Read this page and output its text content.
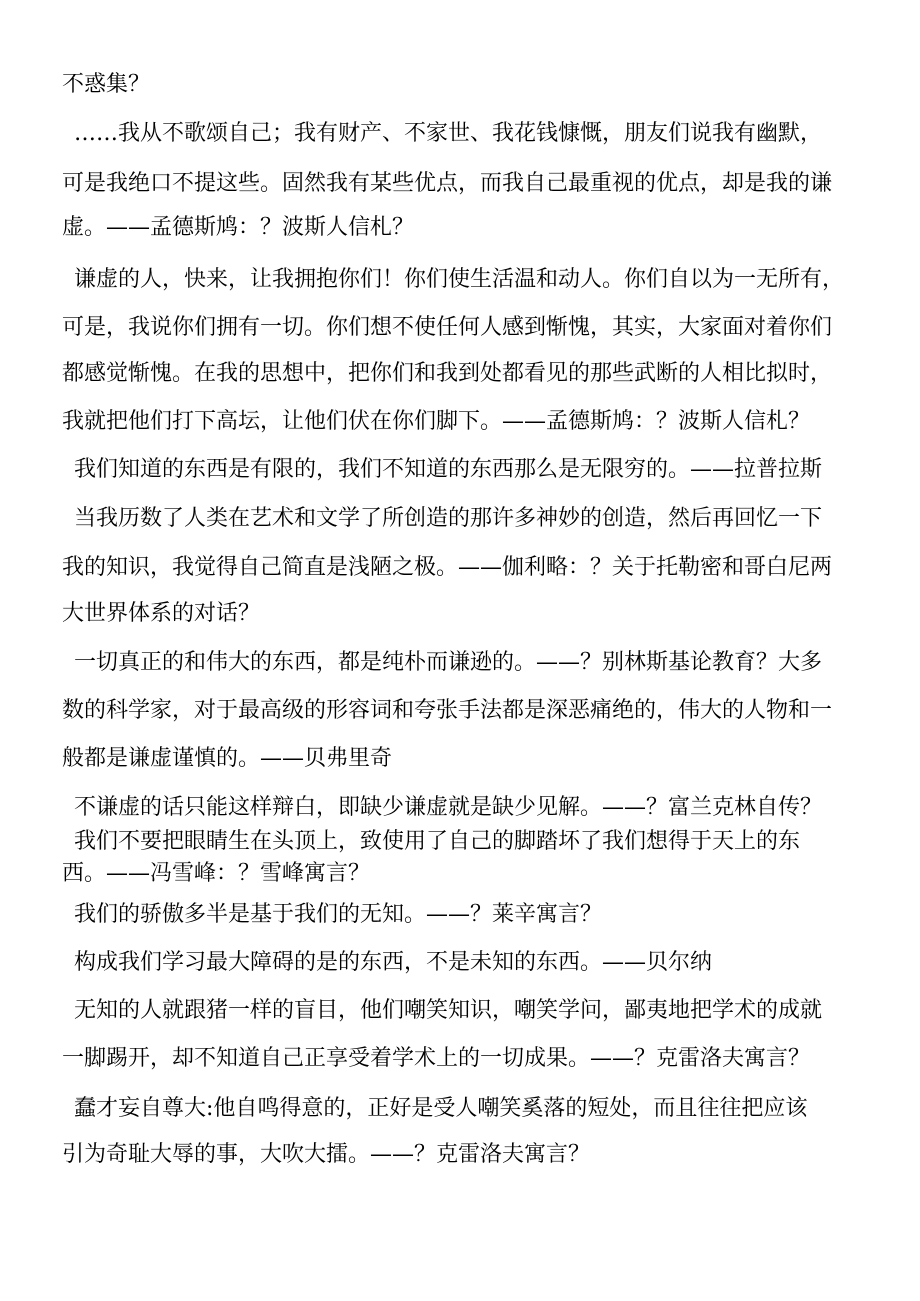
不惑集？
……我从不歌颂自己；我有财产、不家世、我花钱慷慨，朋友们说我有幽默，
可是我绝口不提这些。固然我有某些优点，而我自己最重视的优点，却是我的谦
虚。——孟德斯鸠：？波斯人信札？
谦虚的人，快来，让我拥抱你们！你们使生活温和动人。你们自以为一无所有，
可是，我说你们拥有一切。你们想不使任何人感到惭愧，其实，大家面对着你们
都感觉惭愧。在我的思想中，把你们和我到处都看见的那些武断的人相比拟时，
我就把他们打下高坛，让他们伏在你们脚下。——孟德斯鸠：？波斯人信札？
我们知道的东西是有限的，我们不知道的东西那么是无限穷的。——拉普拉斯
当我历数了人类在艺术和文学了所创造的那许多神妙的创造，然后再回忆一下
我的知识，我觉得自己简直是浅陋之极。——伽利略：？关于托勒密和哥白尼两
大世界体系的对话？
一切真正的和伟大的东西，都是纯朴而谦逊的。——？别林斯基论教育？大多
数的科学家，对于最高级的形容词和夸张手法都是深恶痛绝的，伟大的人物和一
般都是谦虚谨慎的。——贝弗里奇
不谦虚的话只能这样辩白，即缺少谦虚就是缺少见解。——？富兰克林自传？
我们不要把眼睛生在头顶上，致使用了自己的脚踏坏了我们想得于天上的东
西。——冯雪峰：？雪峰寓言？
我们的骄傲多半是基于我们的无知。——？莱辛寓言？
构成我们学习最大障碍的是的东西，不是未知的东西。——贝尔纳
无知的人就跟猪一样的盲目，他们嘲笑知识，嘲笑学问，鄙夷地把学术的成就
一脚踢开，却不知道自己正享受着学术上的一切成果。——？克雷洛夫寓言？
蠢才妄自尊大:他自鸣得意的，正好是受人嘲笑奚落的短处，而且往往把应该
引为奇耻大辱的事，大吹大擂。——？克雷洛夫寓言？
